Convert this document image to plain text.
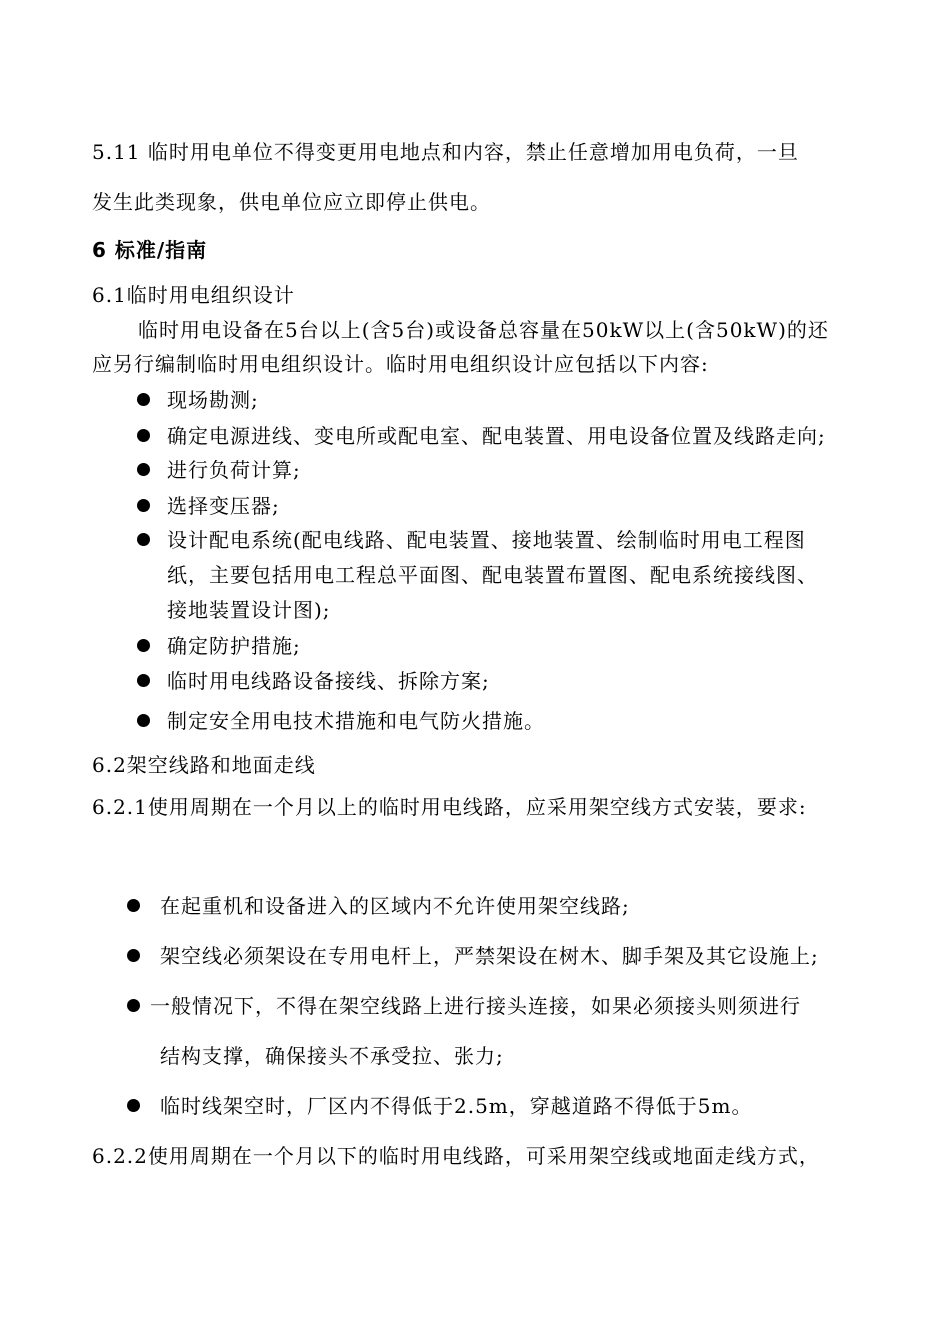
5.11 临时用电单位不得变更用电地点和内容，禁止任意增加用电负荷，一旦
发生此类现象，供电单位应立即停止供电。
6 标准/指南
6.1临时用电组织设计
临时用电设备在5台以上(含5台)或设备总容量在50kW以上(含50kW)的还
应另行编制临时用电组织设计。临时用电组织设计应包括以下内容:
现场勘测;
确定电源进线、变电所或配电室、配电装置、用电设备位置及线路走向;
进行负荷计算;
选择变压器;
设计配电系统(配电线路、配电装置、接地装置、绘制临时用电工程图
纸，主要包括用电工程总平面图、配电装置布置图、配电系统接线图、
接地装置设计图);
确定防护措施;
临时用电线路设备接线、拆除方案;
制定安全用电技术措施和电气防火措施。
6.2架空线路和地面走线
6.2.1使用周期在一个月以上的临时用电线路，应采用架空线方式安装，要求:
在起重机和设备进入的区域内不允许使用架空线路;
架空线必须架设在专用电杆上，严禁架设在树木、脚手架及其它设施上;
一般情况下，不得在架空线路上进行接头连接，如果必须接头则须进行
结构支撑，确保接头不承受拉、张力;
临时线架空时，厂区内不得低于2.5m，穿越道路不得低于5m。
6.2.2使用周期在一个月以下的临时用电线路，可采用架空线或地面走线方式，
